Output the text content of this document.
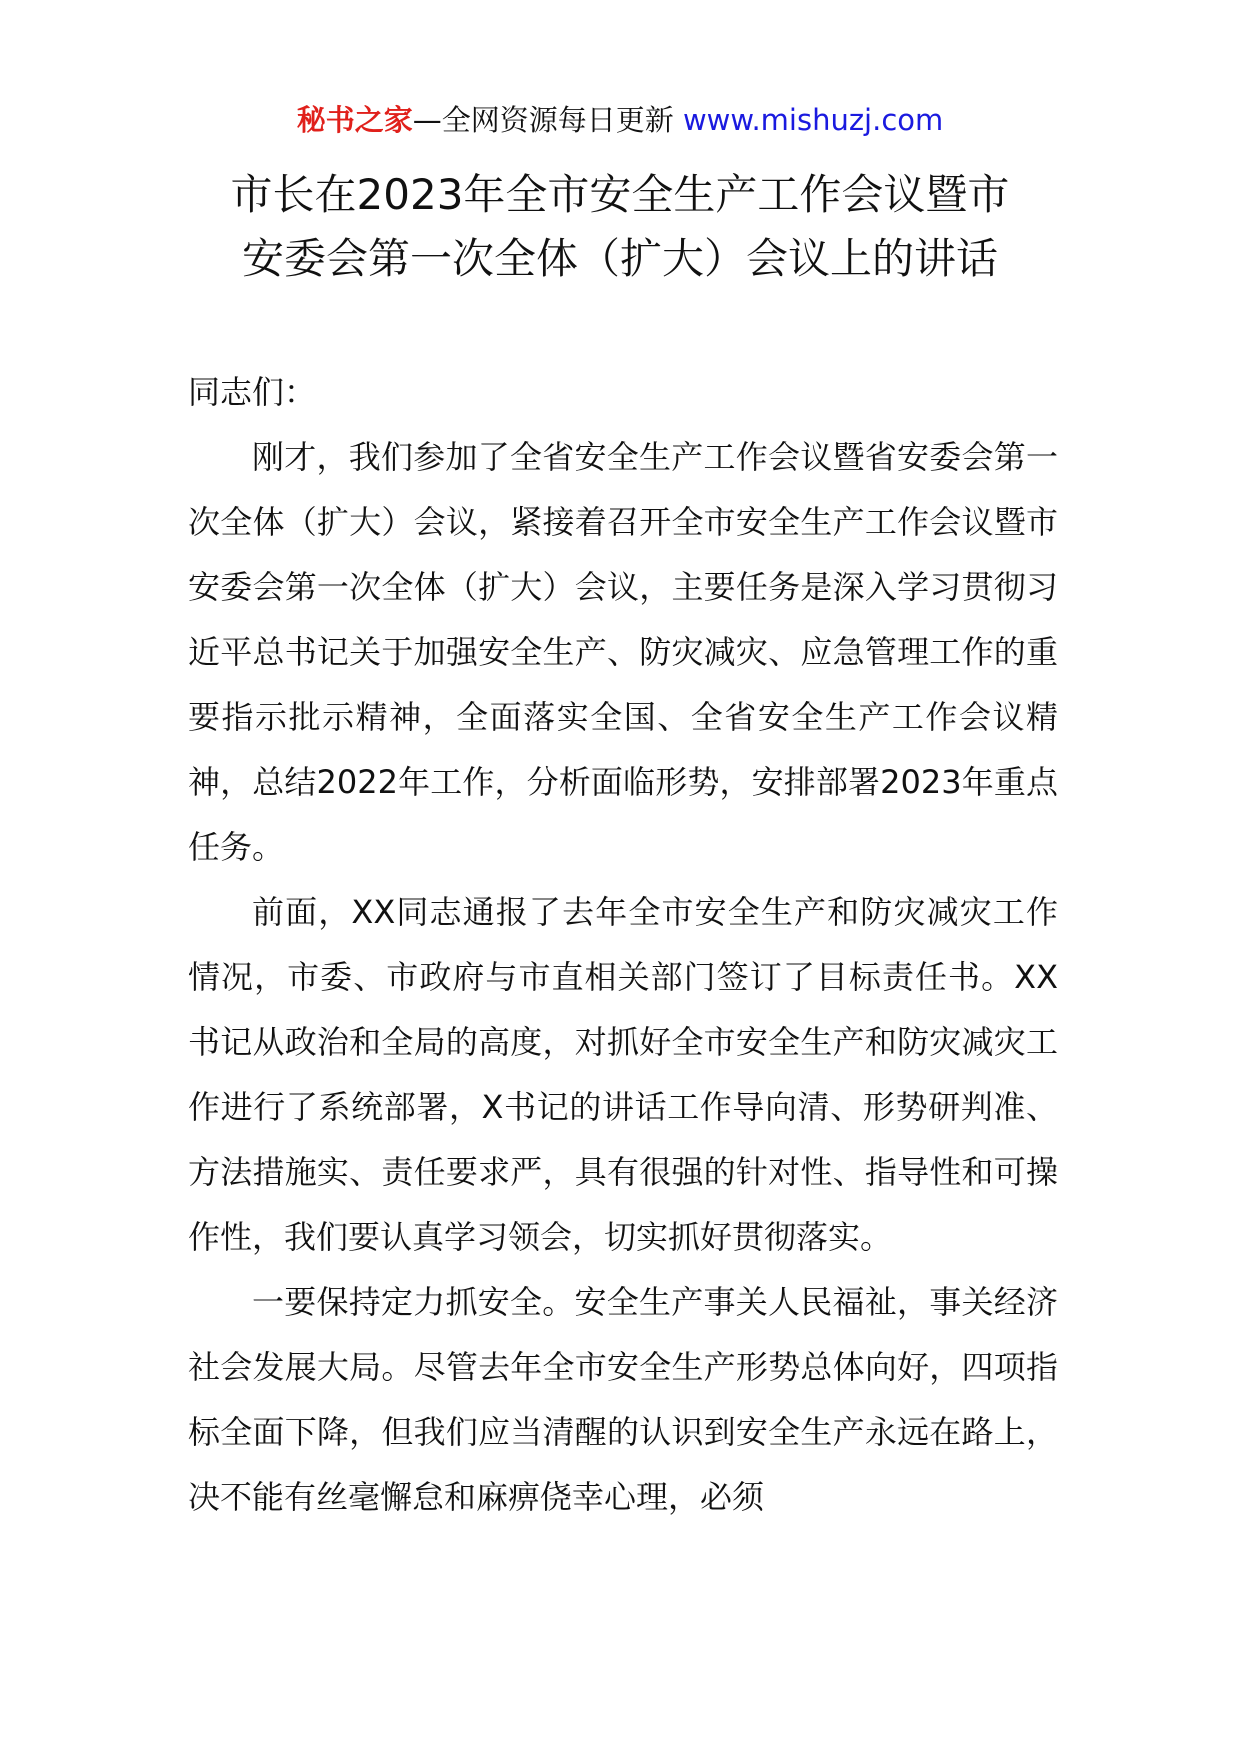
秘书之家—全网资源每日更新 www.mishuzj.com
市长在2023年全市安全生产工作会议暨市
安委会第一次全体（扩大）会议上的讲话

同志们：

刚才，我们参加了全省安全生产工作会议暨省安委会第一次全体（扩大）会议，紧接着召开全市安全生产工作会议暨市安委会第一次全体（扩大）会议，主要任务是深入学习贯彻习近平总书记关于加强安全生产、防灾减灾、应急管理工作的重要指示批示精神，全面落实全国、全省安全生产工作会议精神，总结2022年工作，分析面临形势，安排部署2023年重点任务。

前面，XX同志通报了去年全市安全生产和防灾减灾工作情况，市委、市政府与市直相关部门签订了目标责任书。XX书记从政治和全局的高度，对抓好全市安全生产和防灾减灾工作进行了系统部署，X书记的讲话工作导向清、形势研判准、方法措施实、责任要求严，具有很强的针对性、指导性和可操作性，我们要认真学习领会，切实抓好贯彻落实。

一要保持定力抓安全。安全生产事关人民福祉，事关经济社会发展大局。尽管去年全市安全生产形势总体向好，四项指标全面下降，但我们应当清醒的认识到安全生产永远在路上，决不能有丝毫懈怠和麻痹侥幸心理，必须
